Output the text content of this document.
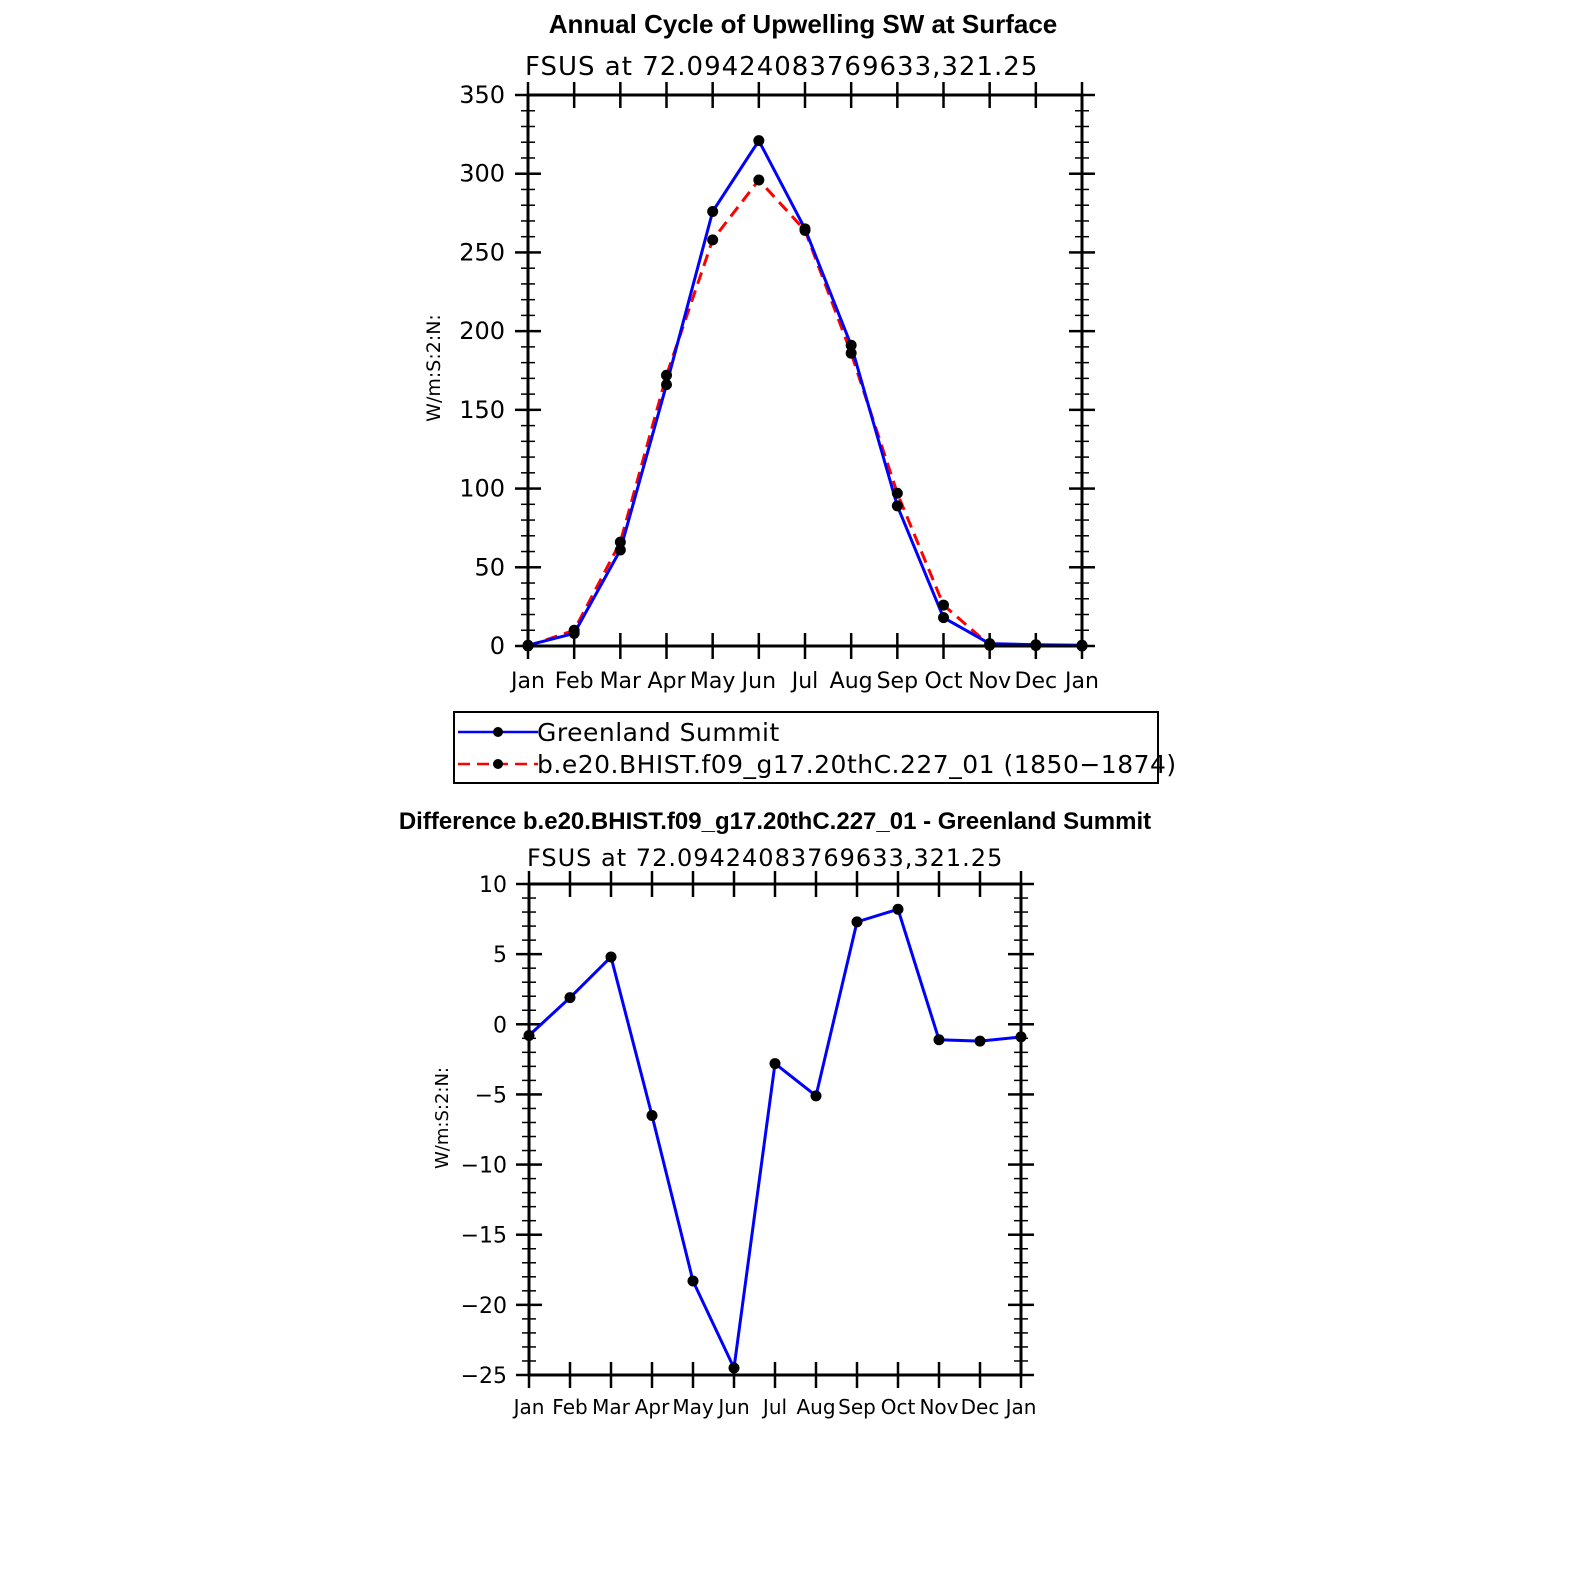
Annual Cycle of Upwelling SW at Surface
FSUS at 72.09424083769633,321.25
W/m:S:2:N:
0
50
100
150
200
250
300
350
Jan Feb Mar Apr May Jun Jul Aug Sep Oct Nov Dec Jan
Greenland Summit
b.e20.BHIST.f09_g17.20thC.227_01 (1850−1874)
Difference b.e20.BHIST.f09_g17.20thC.227_01 - Greenland Summit
FSUS at 72.09424083769633,321.25
W/m:S:2:N:
−25
−20
−15
−10
−5
0
5
10
Jan Feb Mar Apr May Jun Jul Aug Sep Oct Nov Dec Jan
